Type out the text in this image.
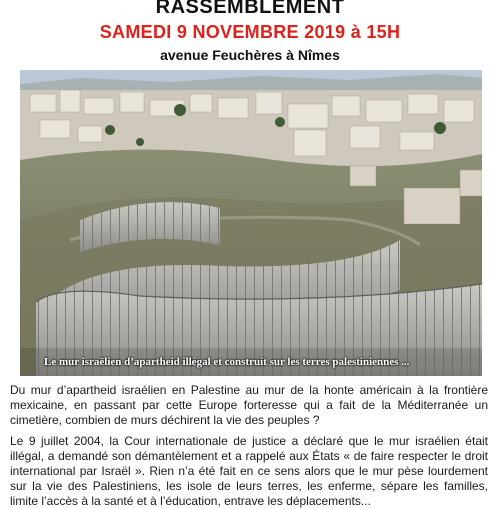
RASSEMBLEMENT
SAMEDI 9 NOVEMBRE 2019 à 15H
avenue Feuchères à Nîmes
Le mur israëlien d’apartheid illégal et construit sur les terres palestiniennes ...

Du mur d’apartheid israélien en Palestine au mur de la honte américain à la frontière mexicaine, en passant par cette Europe forteresse qui a fait de la Méditerranée un cimetière, combien de murs déchirent la vie des peuples ?

Le 9 juillet 2004, la Cour internationale de justice a déclaré que le mur israélien était illégal, a demandé son démantèlement et a rappelé aux États « de faire respecter le droit international par Israël ». Rien n’a été fait en ce sens alors que le mur pèse lourdement sur la vie des Palestiniens, les isole de leurs terres, les enferme, sépare les familles, limite l’accès à la santé et à l’éducation, entrave les déplacements...
